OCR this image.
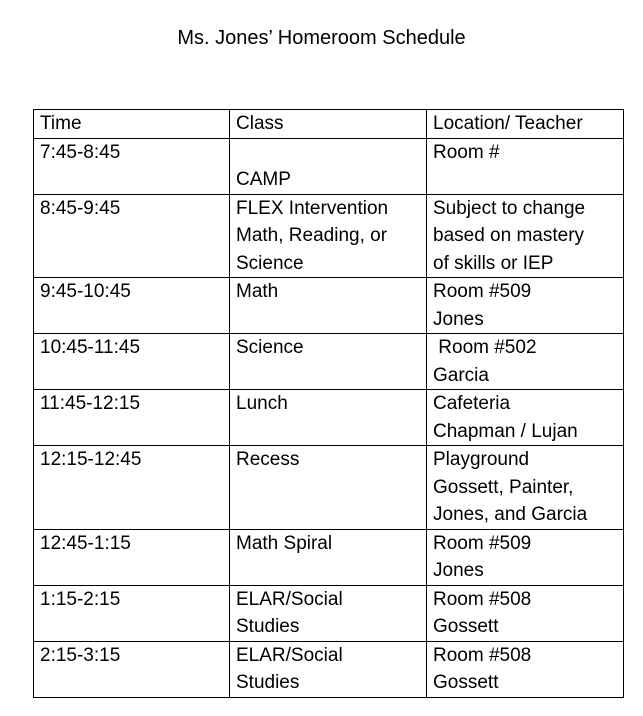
Ms. Jones’ Homeroom Schedule
Time	Class	Location/ Teacher

7:45-8:45	CAMP	Room #

8:45-9:45	FLEX Intervention
Math, Reading, or
Science	Subject to change
based on mastery
of skills or IEP

9:45-10:45	Math	Room #509
Jones

10:45-11:45	Science	Room #502
Garcia

11:45-12:15	Lunch	Cafeteria
Chapman / Lujan

12:15-12:45	Recess	Playground
Gossett, Painter,
Jones, and Garcia

12:45-1:15	Math Spiral	Room #509
Jones

1:15-2:15	ELAR/Social
Studies	Room #508
Gossett

2:15-3:15	ELAR/Social
Studies	Room #508
Gossett
